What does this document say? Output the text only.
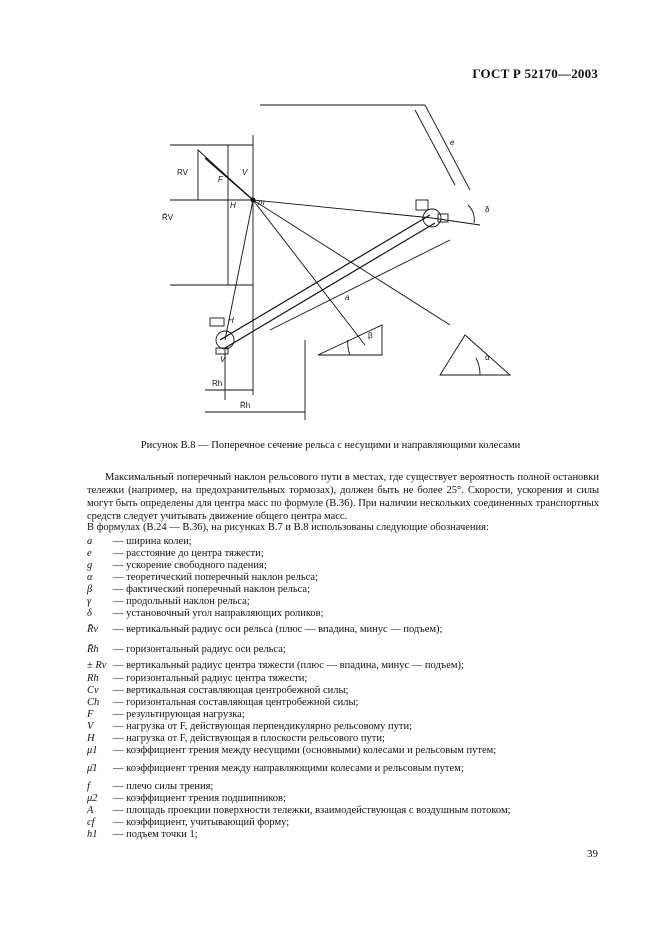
ГОСТ Р 52170—2003
RV
R̄V
F
V
H	m
e
δ
a
β
α
H
V
Rh
R̄h
Рисунок В.8 — Поперечное сечение рельса с несущими и направляющими колесами
Максимальный поперечный наклон рельсового пути в местах, где существует вероятность полной остановки тележки (например, на предохранительных тормозах), должен быть не более 25°. Скорости, ускорения и силы могут быть определены для центра масс по формуле (В.36). При наличии нескольких соединенных транспортных средств следует учитывать движение общего центра масс.
В формулах (В.24 — В.36), на рисунках В.7 и В.8 использованы следующие обозначения:
a	— ширина колеи;
e	— расстояние до центра тяжести;
g	— ускорение свободного падения;
α	— теоретический поперечный наклон рельса;
β	— фактический поперечный наклон рельса;
γ	— продольный наклон рельса;
δ	— установочный угол направляющих роликов;
R̄v	— вертикальный радиус оси рельса (плюс — впадина, минус — подъем);
R̄h	— горизонтальный радиус оси рельса;
± Rv — вертикальный радиус центра тяжести (плюс — впадина, минус — подъем);
Rh	— горизонтальный радиус центра тяжести;
Cv	— вертикальная составляющая центробежной силы;
Ch	— горизонтальная составляющая центробежной силы;
F	— результирующая нагрузка;
V	— нагрузка от F, действующая перпендикулярно рельсовому пути;
H	— нагрузка от F, действующая в плоскости рельсового пути;
μ1	— коэффициент трения между несущими (основными) колесами и рельсовым путем;
μ̄1	— коэффициент трения между направляющими колесами и рельсовым путем;
f	— плечо силы трения;
μ2	— коэффициент трения подшипников;
A	— площадь проекции поверхности тележки, взаимодействующая с воздушным потоком;
cf	— коэффициент, учитывающий форму;
h1	— подъем точки 1;
39
